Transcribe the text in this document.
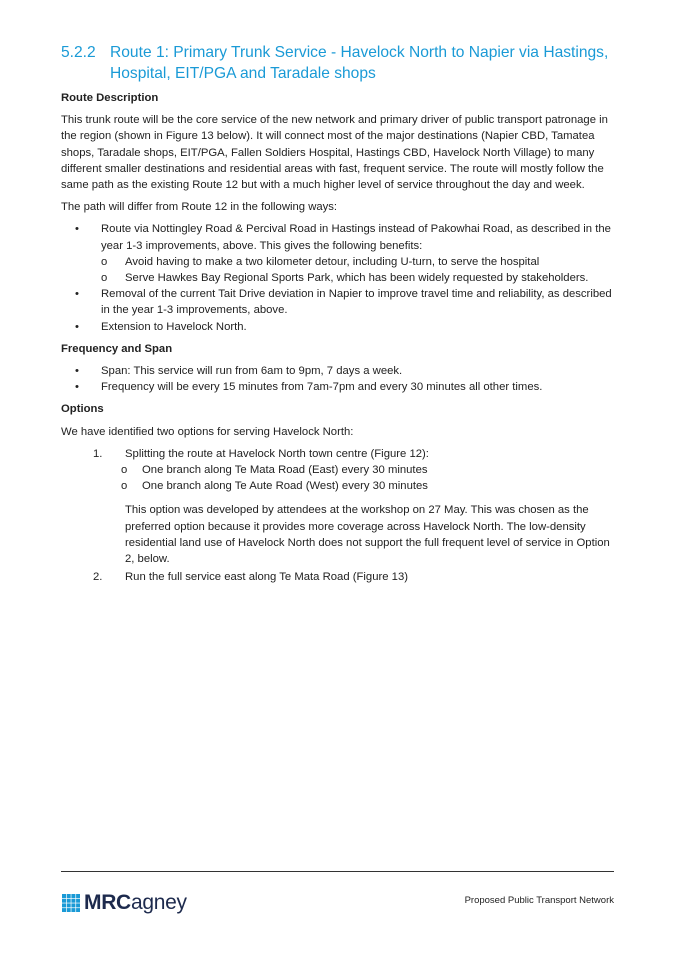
5.2.2 Route 1: Primary Trunk Service - Havelock North to Napier via Hastings, Hospital, EIT/PGA and Taradale shops
Route Description

This trunk route will be the core service of the new network and primary driver of public transport patronage in the region (shown in Figure 13 below). It will connect most of the major destinations (Napier CBD, Tamatea shops, Taradale shops, EIT/PGA, Fallen Soldiers Hospital, Hastings CBD, Havelock North Village) to many different smaller destinations and residential areas with fast, frequent service. The route will mostly follow the same path as the existing Route 12 but with a much higher level of service throughout the day and week.

The path will differ from Route 12 in the following ways:

• Route via Nottingley Road & Percival Road in Hastings instead of Pakowhai Road, as described in the year 1-3 improvements, above. This gives the following benefits:
o Avoid having to make a two kilometer detour, including U-turn, to serve the hospital
o Serve Hawkes Bay Regional Sports Park, which has been widely requested by stakeholders.
• Removal of the current Tait Drive deviation in Napier to improve travel time and reliability, as described in the year 1-3 improvements, above.
• Extension to Havelock North.
Frequency and Span
• Span: This service will run from 6am to 9pm, 7 days a week.
• Frequency will be every 15 minutes from 7am-7pm and every 30 minutes all other times.
Options

We have identified two options for serving Havelock North:

1. Splitting the route at Havelock North town centre (Figure 12):
o One branch along Te Mata Road (East) every 30 minutes
o One branch along Te Aute Road (West) every 30 minutes

This option was developed by attendees at the workshop on 27 May. This was chosen as the preferred option because it provides more coverage across Havelock North. The low-density residential land use of Havelock North does not support the full frequent level of service in Option 2, below.

2. Run the full service east along Te Mata Road (Figure 13)
MRCagney	Proposed Public Transport Network
